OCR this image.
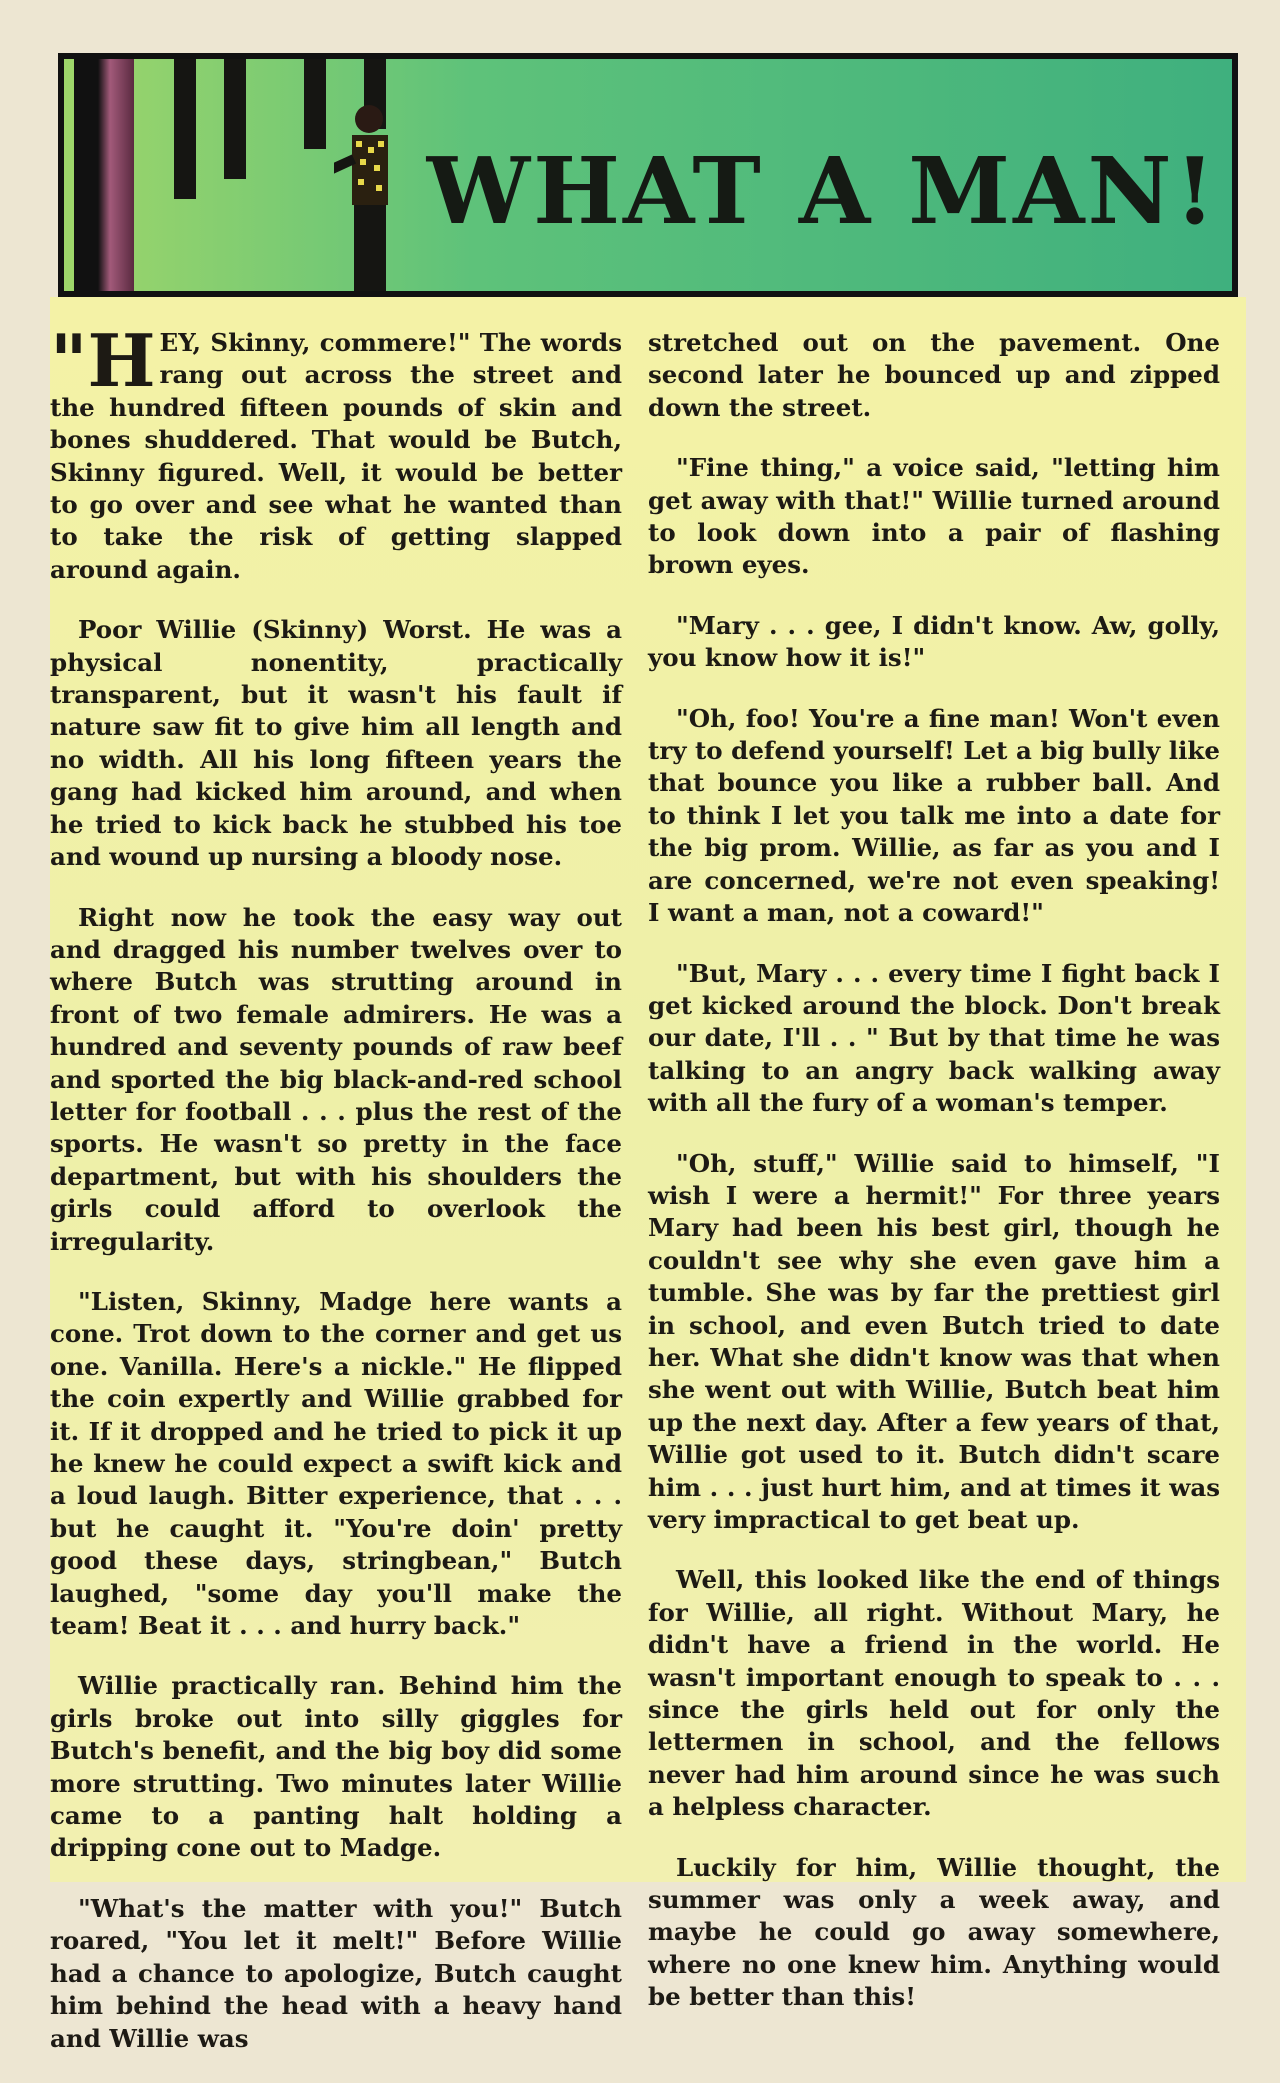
WHAT A MAN!

"HEY, Skinny, commere!" The words rang out across the street and the hundred fifteen pounds of skin and bones shuddered. That would be Butch, Skinny figured. Well, it would be better to go over and see what he wanted than to take the risk of getting slapped around again.

Poor Willie (Skinny) Worst. He was a physical nonentity, practically transparent, but it wasn't his fault if nature saw fit to give him all length and no width. All his long fifteen years the gang had kicked him around, and when he tried to kick back he stubbed his toe and wound up nursing a bloody nose.

Right now he took the easy way out and dragged his number twelves over to where Butch was strutting around in front of two female admirers. He was a hundred and seventy pounds of raw beef and sported the big black-and-red school letter for football . . . plus the rest of the sports. He wasn't so pretty in the face department, but with his shoulders the girls could afford to overlook the irregularity.

"Listen, Skinny, Madge here wants a cone. Trot down to the corner and get us one. Vanilla. Here's a nickle." He flipped the coin expertly and Willie grabbed for it. If it dropped and he tried to pick it up he knew he could expect a swift kick and a loud laugh. Bitter experience, that . . . but he caught it. "You're doin' pretty good these days, stringbean," Butch laughed, "some day you'll make the team! Beat it . . . and hurry back."

Willie practically ran. Behind him the girls broke out into silly giggles for Butch's benefit, and the big boy did some more strutting. Two minutes later Willie came to a panting halt holding a dripping cone out to Madge.

"What's the matter with you!" Butch roared, "You let it melt!" Before Willie had a chance to apologize, Butch caught him behind the head with a heavy hand and Willie was

stretched out on the pavement. One second later he bounced up and zipped down the street.

"Fine thing," a voice said, "letting him get away with that!" Willie turned around to look down into a pair of flashing brown eyes.

"Mary . . . gee, I didn't know. Aw, golly, you know how it is!"

"Oh, foo! You're a fine man! Won't even try to defend yourself! Let a big bully like that bounce you like a rubber ball. And to think I let you talk me into a date for the big prom. Willie, as far as you and I are concerned, we're not even speaking! I want a man, not a coward!"

"But, Mary . . . every time I fight back I get kicked around the block. Don't break our date, I'll . . " But by that time he was talking to an angry back walking away with all the fury of a woman's temper.

"Oh, stuff," Willie said to himself, "I wish I were a hermit!" For three years Mary had been his best girl, though he couldn't see why she even gave him a tumble. She was by far the prettiest girl in school, and even Butch tried to date her. What she didn't know was that when she went out with Willie, Butch beat him up the next day. After a few years of that, Willie got used to it. Butch didn't scare him . . . just hurt him, and at times it was very impractical to get beat up.

Well, this looked like the end of things for Willie, all right. Without Mary, he didn't have a friend in the world. He wasn't important enough to speak to . . . since the girls held out for only the lettermen in school, and the fellows never had him around since he was such a helpless character.

Luckily for him, Willie thought, the summer was only a week away, and maybe he could go away somewhere, where no one knew him. Anything would be better than this!
